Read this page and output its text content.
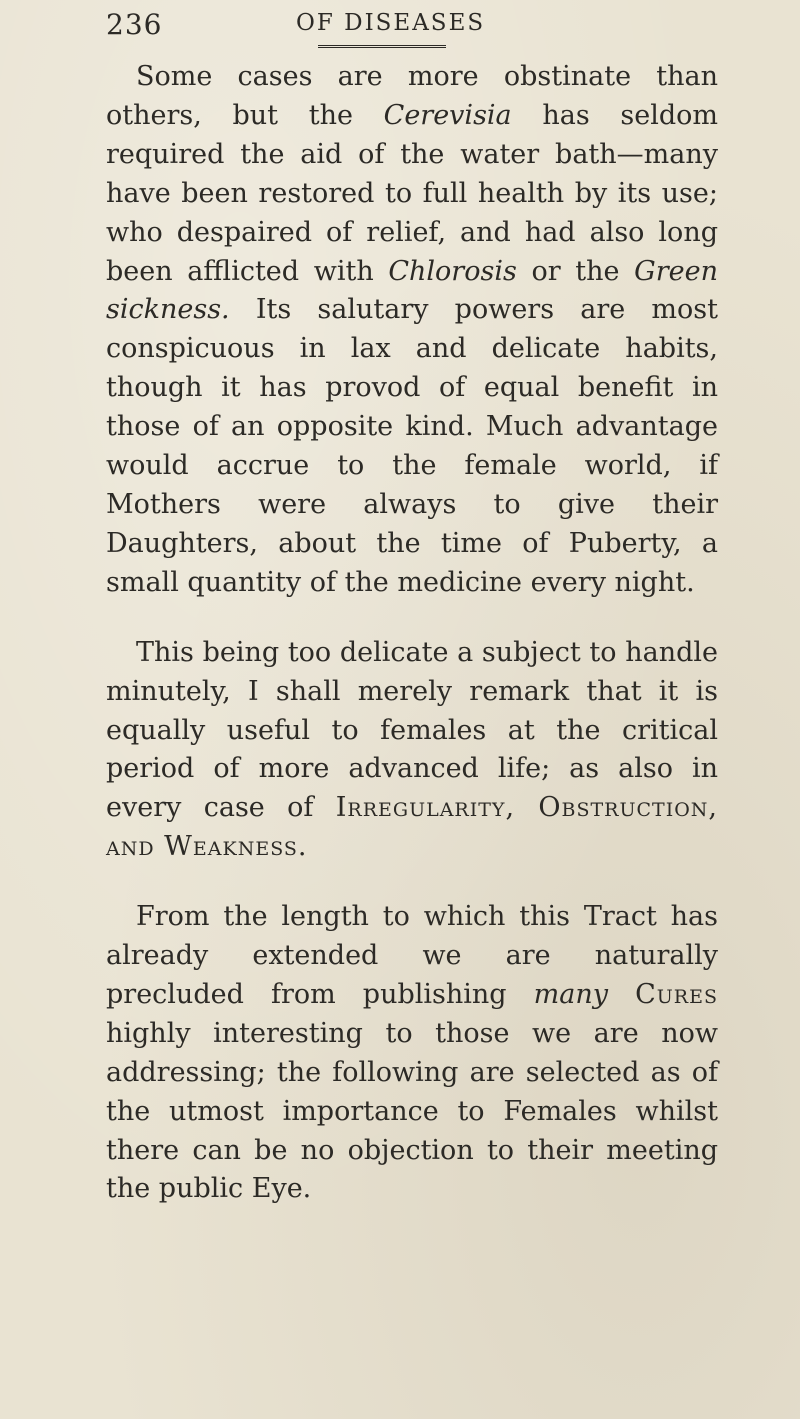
236	OF DISEASES

Some cases are more obstinate than others, but the Cerevisia has seldom required the aid of the water bath—many have been restored to full health by its use; who despaired of relief, and had also long been afflicted with Chlorosis or the Green sickness. Its salutary powers are most conspicuous in lax and delicate habits, though it has provod of equal benefit in those of an opposite kind. Much advantage would accrue to the female world, if Mothers were always to give their Daughters, about the time of Puberty, a small quantity of the medicine every night.

This being too delicate a subject to handle minutely, I shall merely remark that it is equally useful to females at the critical period of more advanced life; as also in every case of Irregularity, Obstruction, and Weakness.

From the length to which this Tract has already extended we are naturally precluded from publishing many Cures highly interesting to those we are now addressing; the following are selected as of the utmost importance to Females whilst there can be no objection to their meeting the public Eye.
